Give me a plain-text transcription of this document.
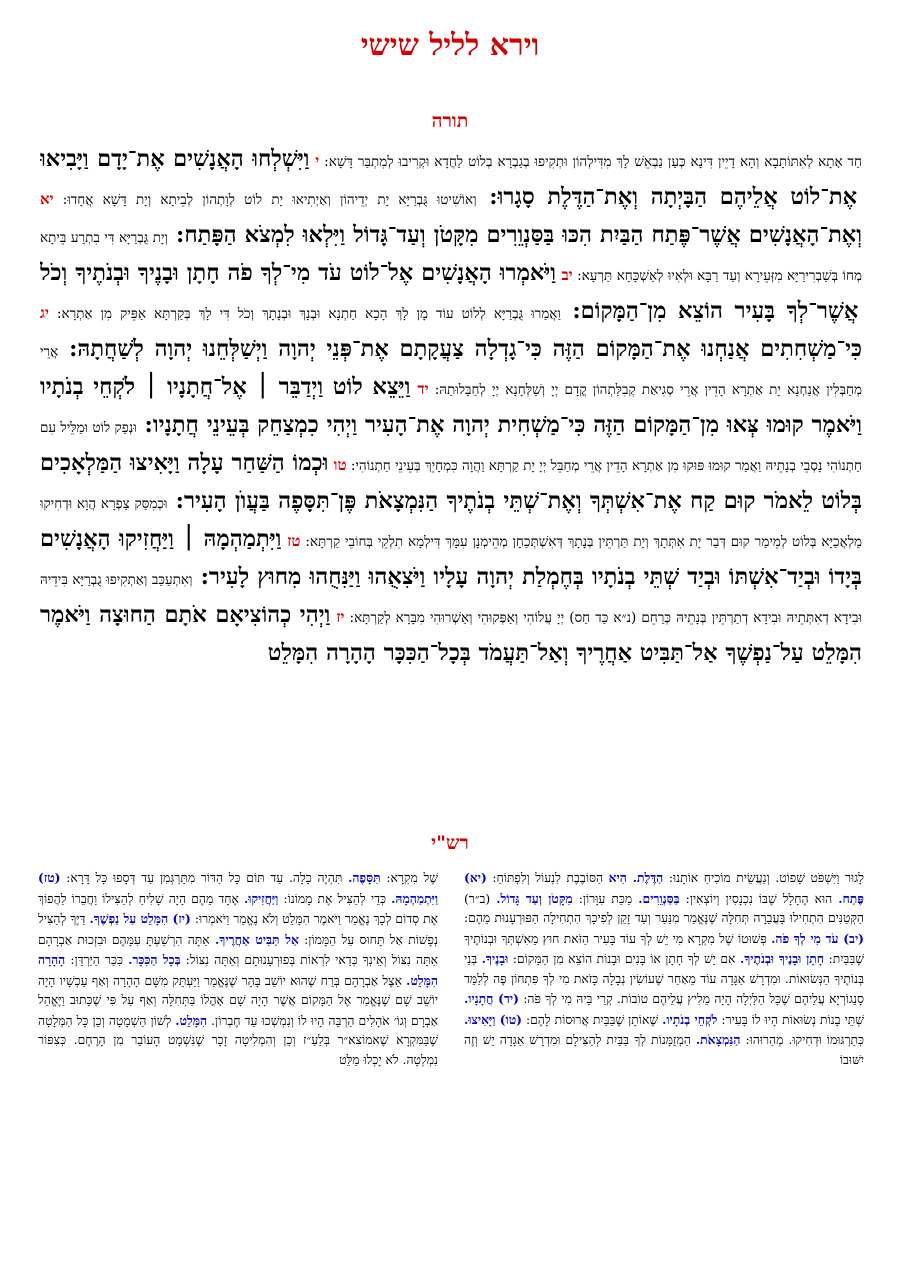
וירא לליל שישי
תורה
חַד אָתָא לְאִתּוֹתָבָא וְהָא דָיֵין דִּינָא כְּעַן נַבְאֵשׁ לָךְ מִדִּילְהוֹן וּתְקִיפוּ בְגַבְרָא בְלוֹט לַחֲדָא וּקְרִיבוּ לְמִתְבַּר דָּשָׁא: י וַיִּשְׁלְחוּ הָאֲנָשִׁים אֶת־יָדָם וַיָּבִיאוּ אֶת־לוֹט אֲלֵיהֶם הַבָּיְתָה וְאֶת־הַדֶּלֶת סָגָרוּ: וְאוֹשִׁיטוּ גֻּבְרַיָּא יָת יְדֵיהוֹן וְאַיְתִיאוּ יָת לוֹט לְוָתְהוֹן לְבֵיתָא וְיָת דָּשָׁא אֲחָדוּ: יא וְאֶת־הָאֲנָשִׁים אֲשֶׁר־פֶּתַח הַבַּיִת הִכּוּ בַּסַּנְוֵרִים מִקָּטֹן וְעַד־גָּדוֹל וַיִּלְאוּ לִמְצֹא הַפָּתַח: וְיָת גֻּבְרַיָּא דִּי בִתְרַע בֵּיתָא מְחוֹ בְּשַׁבְרִירַיָּא מִזְּעֵירָא וְעַד רַבָּא וּלְאִיוּ לְאַשְׁכָּחָא תַּרְעָא: יב וַיֹּאמְרוּ הָאֲנָשִׁים אֶל־לוֹט עֹד מִי־לְךָ פֹה חָתָן וּבָנֶיךָ וּבְנֹתֶיךָ וְכֹל אֲשֶׁר־לְךָ בָּעִיר הוֹצֵא מִן־הַמָּקוֹם: וַאֲמַרוּ גֻּבְרַיָּא לְלוֹט עוֹד מָן לָךְ הָכָא חַתְנָא וּבְנָךְ וּבְנָתָךְ וְכֹל דִּי לָךְ בְּקַרְתָּא אַפֵּיק מִן אַתְרָא: יג כִּי־מַשְׁחִתִים אֲנַחְנוּ אֶת־הַמָּקוֹם הַזֶּה כִּי־גָדְלָה צַעֲקָתָם אֶת־פְּנֵי יְהוָה וַיְשַׁלְּחֵנוּ יְהוָה לְשַׁחֲתָהּ: אֲרֵי מְחַבְּלִין אֲנַחְנָא יָת אַתְרָא הָדֵין אֲרֵי סְגִיאַת קְבִלַּתְהוֹן קֳדָם יְיָ וְשַׁלְּחָנָא יְיָ לְחַבָּלוּתַהּ: יד וַיֵּצֵא לוֹט וַיְדַבֵּר ׀ אֶל־חֲתָנָיו ׀ לֹקְחֵי בְנֹתָיו וַיֹּאמֶר קוּמוּ צְּאוּ מִן־הַמָּקוֹם הַזֶּה כִּי־מַשְׁחִית יְהוָה אֶת־הָעִיר וַיְהִי כִמְצַחֵק בְּעֵינֵי חֲתָנָיו: וּנְפַק לוֹט וּמַלֵּיל עִם חַתְנוֹהִי נָסְבֵי בְנָתֵיהּ וַאֲמַר קוּמוּ פּוּקוּ מִן אַתְרָא הָדֵין אֲרֵי מְחַבֵּל יְיָ יָת קַרְתָּא וַהֲוָה כִּמְחָיֵךְ בְּעֵינֵי חַתְנוֹהִי: טו וּכְמוֹ הַשַּׁחַר עָלָה וַיָּאִיצוּ הַמַּלְאָכִים בְּלוֹט לֵאמֹר קוּם קַח אֶת־אִשְׁתְּךָ וְאֶת־שְׁתֵּי בְנֹתֶיךָ הַנִּמְצָאֹת פֶּן־תִּסָּפֶה בַּעֲוֺן הָעִיר: וּכְמִסַּק צַפְרָא הֲוָא וּדְחִיקוּ מַלְאֲכַיָּא בְּלוֹט לְמֵימַר קוּם דְּבַר יָת אִתְּתָךְ וְיָת תַּרְתֵּין בְּנָתָךְ דְּאִשְׁתְּכַחָן מְהֵימְנָן עִמָּךְ דִּילְמָא תִלְקֵי בְּחוֹבֵי קַרְתָּא: טז וַיִּתְמַהְמָהּ ׀ וַיַּחֲזִיקוּ הָאֲנָשִׁים בְּיָדוֹ וּבְיַד־אִשְׁתּוֹ וּבְיַד שְׁתֵּי בְנֹתָיו בְּחֶמְלַת יְהוָה עָלָיו וַיֹּצִאֻהוּ וַיַּנִּחֻהוּ מִחוּץ לָעִיר: וְאִתְעַכַּב וְאַתְקִיפוּ גֻבְרַיָּא בִּידֵיהּ וּבִידָא דְאִתְּתֵיהּ וּבִידָא דְתַרְתֵּין בְּנָתֵיהּ כְּרַחֵם (נ״א כַּד חַס) יְיָ עֲלוֹהִי וְאַפְּקוּהִי וְאַשְׁרוּהִי מִבָּרָא לְקַרְתָּא: יז וַיְהִי כְהוֹצִיאָם אֹתָם הַחוּצָה וַיֹּאמֶר הִמָּלֵט עַל־נַפְשֶׁךָ אַל־תַּבִּיט אַחֲרֶיךָ וְאַל־תַּעֲמֹד בְּכָל־הַכִּכָּר הָהָרָה הִמָּלֵט
רש"י
לָגוּר וַיִּשְׁפֹּט שָׁפוֹט. וְנַעֲשֵׂית מוֹכִיחַ אוֹתָנוּ: הַדֶּלֶת. הִיא הַסּוֹבֶבֶת לִנְעוֹל וְלִפְתּוֹחַ: (יא) פֶּתַח. הוּא הֶחָלָל שֶׁבּוֹ נִכְנָסִין וְיוֹצְאִין: בַּסַּנְוֵרִים. מַכַּת עִוָּרוֹן: מִקָּטֹן וְעַד גָּדוֹל. (ב״ר) הַקְּטַנִּים הִתְחִילוּ בָּעֲבֵרָה תְּחִלָּה שֶׁנֶּאֱמַר מִנַּעַר וְעַד זָקֵן לְפִיכָךְ הִתְחִילָה הַפּוּרְעָנוּת מֵהֶם: (יב) עֹד מִי לְךָ פֹה. פְּשׁוּטוֹ שֶׁל מִקְרָא מִי יֵשׁ לְךָ עוֹד בָּעִיר הַזֹּאת חוּץ מֵאִשְׁתְּךָ וּבְנוֹתֶיךָ שֶׁבַּבַּיִת: חָתָן וּבָנֶיךָ וּבְנֹתֶיךָ. אִם יֵשׁ לְךָ חָתָן אוֹ בָּנִים וּבָנוֹת הוֹצֵא מִן הַמָּקוֹם: וּבָנֶיךָ. בְּנֵי בְּנוֹתֶיךָ הַנְּשׂוּאוֹת. וּמִדְרָשׁ אַגָּדָה עוֹד מֵאַחַר שֶׁעוֹשִׂין נְבָלָה כָּזֹאת מִי לְךָ פִּתְחוֹן פֶּה לְלַמֵּד סָנֵגוֹרְיָא עֲלֵיהֶם שֶׁכָּל הַלַּיְלָה הָיָה מֵלִיץ עֲלֵיהֶם טוֹבוֹת. קְרֵי בֵּיהּ מִי לְךָ פֹּה: (יד) חֲתָנָיו. שְׁתֵּי בָנוֹת נְשׂוּאוֹת הָיוּ לוֹ בָּעִיר: לֹקְחֵי בְנֹתָיו. שֶׁאוֹתָן שֶׁבַּבַּיִת אֲרוּסוֹת לָהֶם: (טו) וַיָּאִיצוּ. כְּתַרְגּוּמוֹ וּדְחִיקוּ. מְהַרוּהוּ: הַנִּמְצָאֹת. הַמְזֻמָּנוֹת לְךָ בַּבַּיִת לְהַצִּילָם וּמִדְרָשׁ אַגָּדָה יֵשׁ וְזֶה יִשּׁוּבוֹ
שֶׁל מִקְרָא: תִּסָּפֶה. תִּהְיֶה כָלָה. עַד תּוֹם כָּל הַדּוֹר מִתַּרְגְּמִן עַד דְּסָפוּ כָּל דָּרָא: (טז) וַיִּתְמַהְמָהּ. כְּדֵי לְהַצִּיל אֶת מָמוֹנוֹ: וַיַּחֲזִיקוּ. אֶחָד מֵהֶם הָיָה שָׁלִיחַ לְהַצִּילוֹ וַחֲבֵרוֹ לַהֲפוֹךְ אֶת סְדוֹם לְכָךְ נֶאֱמַר וַיֹּאמֶר הִמָּלֵט וְלֹא נֶאֱמַר וַיֹּאמְרוּ: (יז) הִמָּלֵט עַל נַפְשֶׁךָ. דַּיֶּךָ לְהַצִּיל נְפָשׁוֹת אַל תָּחוּס עַל הַמָּמוֹן: אַל תַּבִּיט אַחֲרֶיךָ. אַתָּה הִרְשַׁעְתָּ עִמָּהֶם וּבִזְכוּת אַבְרָהָם אַתָּה נִצּוֹל וְאֵינְךָ כְּדַאי לִרְאוֹת בְּפוּרְעָנוּתָם וְאַתָּה נִצּוֹל: בְּכָל הַכִּכָּר. כִּכַּר הַיַּרְדֵּן: הָהָרָה הִמָּלֵט. אֵצֶל אַבְרָהָם בְּרַח שֶׁהוּא יוֹשֵׁב בָּהָר שֶׁנֶּאֱמַר וַיַּעְתֵּק מִשָּׁם הָהָרָה וְאַף עַכְשָׁיו הָיָה יוֹשֵׁב שָׁם שֶׁנֶּאֱמַר אֶל הַמָּקוֹם אֲשֶׁר הָיָה שָׁם אָהֳלוֹ בַּתְּחִלָּה וְאַף עַל פִּי שֶׁכָּתוּב וַיֶּאֱהַל אַבְרָם וְגוֹ׳ אֹהָלִים הַרְבֵּה הָיוּ לוֹ וְנִמְשְׁכוּ עַד חֶבְרוֹן. הִמָּלֵט. לְשׁוֹן הַשְׁמָטָה וְכֵן כָּל הַמְּלָטָה שֶׁבַּמִּקְרָא שֶׁאמוֹצא״ר בְּלַעַ״ז וְכֵן וְהִמְלִיטָה זָכָר שֶׁנִּשְׁמָט הָעוֹבֵר מִן הָרֶחֶם. כְּצִפּוֹר נִמְלְטָה. לֹא יָכְלוּ מַלֵּט
